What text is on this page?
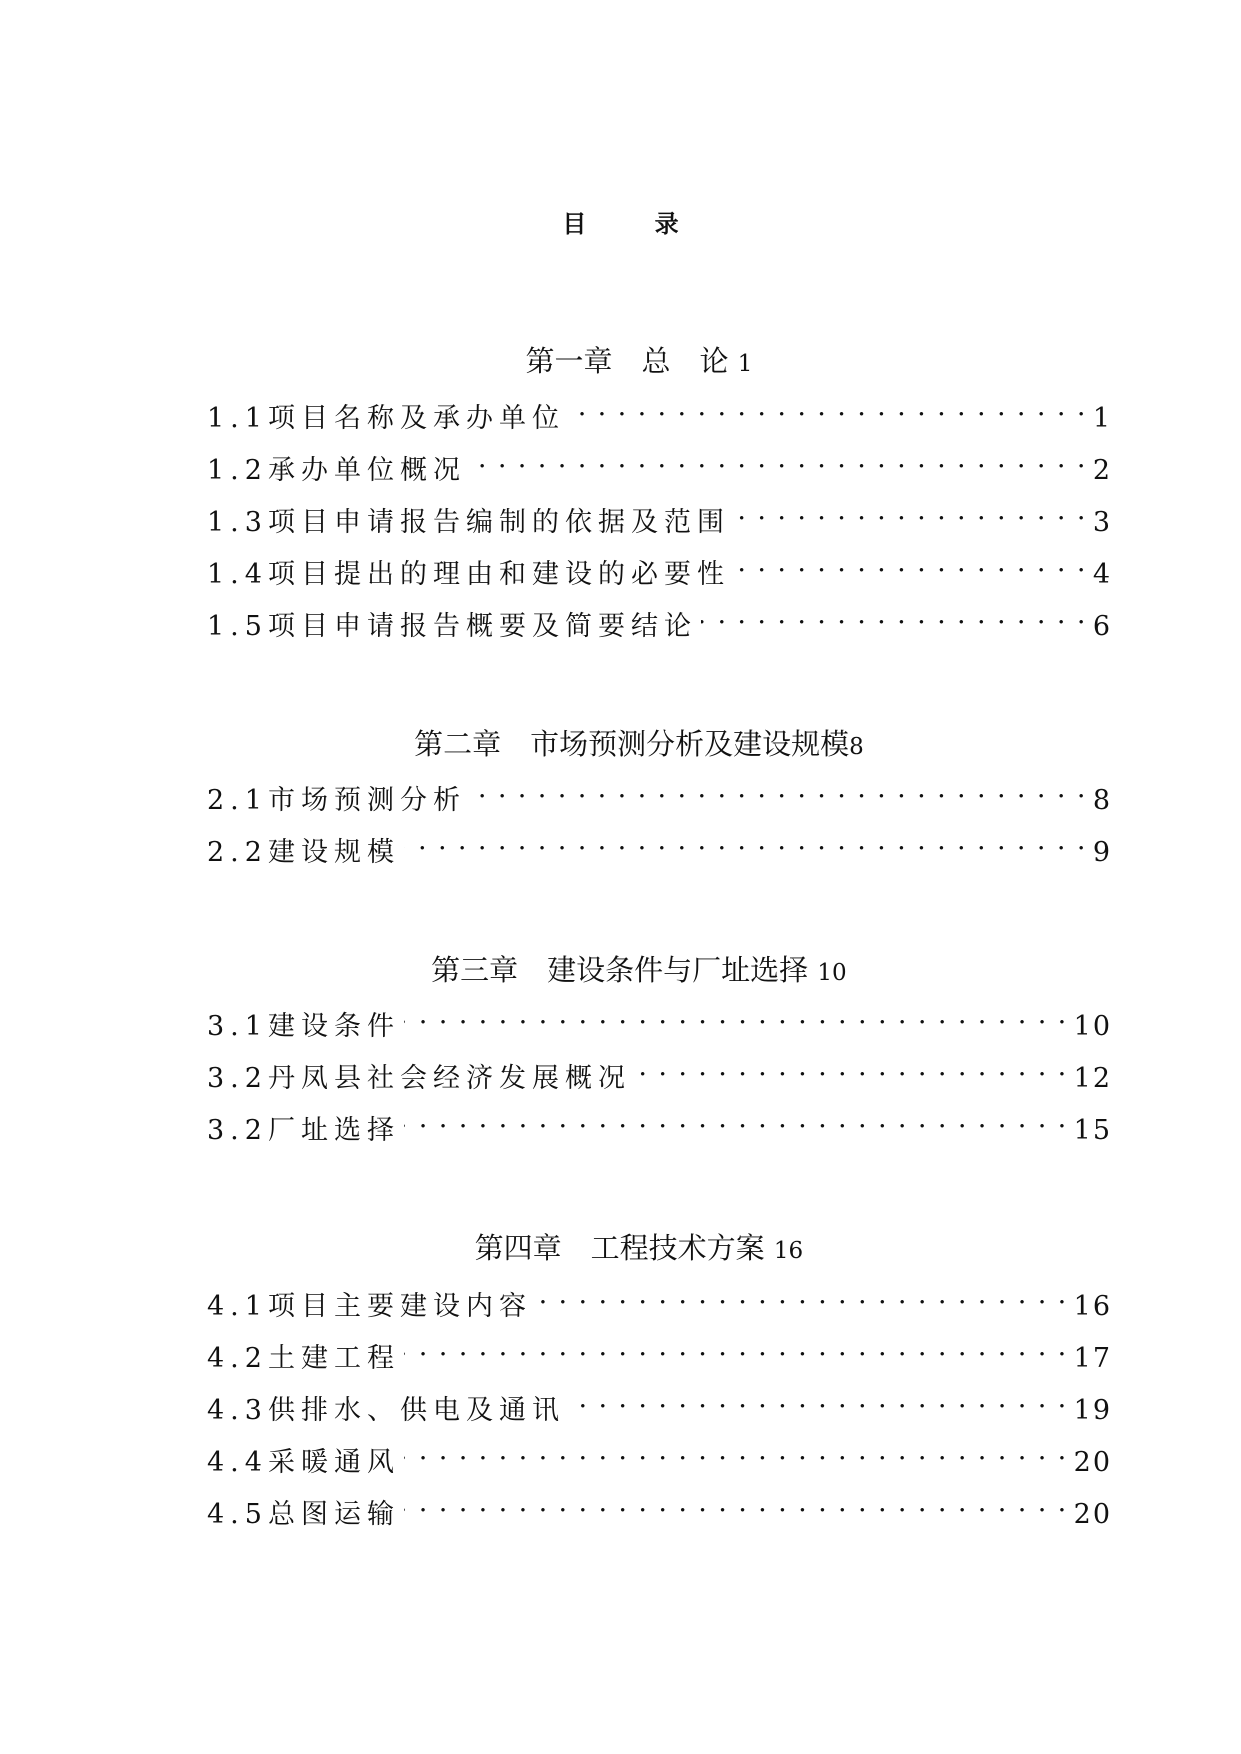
目 录

第一章　总　论 1

1.1 项目名称及承办单位 . . .	1
1.2 承办单位概况 . . .	2
1.3 项目申请报告编制的依据及范围 . . .	3
1.4 项目提出的理由和建设的必要性 . . .	4
1.5 项目申请报告概要及简要结论 . . .	6

第二章　市场预测分析及建设规模8

2.1 市场预测分析 . . .	8
2.2 建设规模 . . .	9

第三章　建设条件与厂址选择 10

3.1 建设条件 . . .	10
3.2 丹凤县社会经济发展概况 . . .	12
3.2 厂址选择 . . .	15

第四章　工程技术方案 16

4.1 项目主要建设内容 . . .	16
4.2 土建工程 . . .	17
4.3 供排水、供电及通讯 . . .	19
4.4 采暖通风 . . .	20
4.5 总图运输 . . .	20
